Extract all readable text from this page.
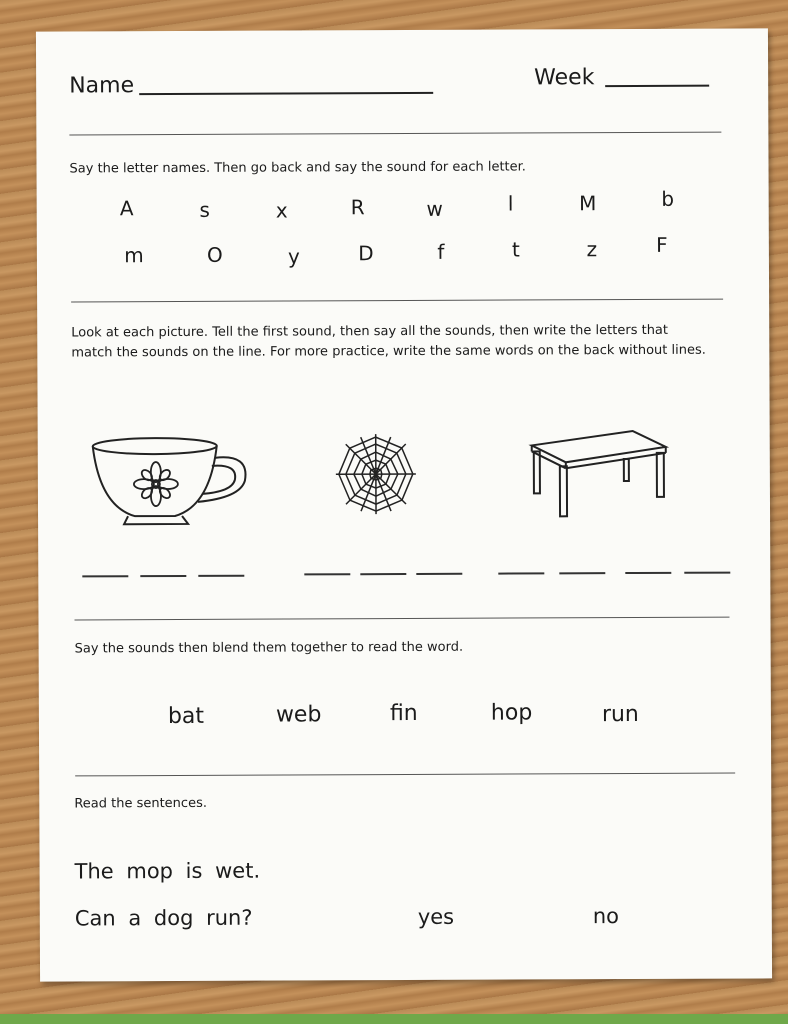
Name	Week
Say the letter names. Then go back and say the sound for each letter.
A	s	x	R	w	l	M	b
m	O	y	D	f	t	z	F
Look at each picture. Tell the first sound, then say all the sounds, then write the letters that
match the sounds on the line. For more practice, write the same words on the back without lines.
Say the sounds then blend them together to read the word.
bat	web	fin	hop	run
Read the sentences.
The mop is wet.
Can a dog run?	yes	no
